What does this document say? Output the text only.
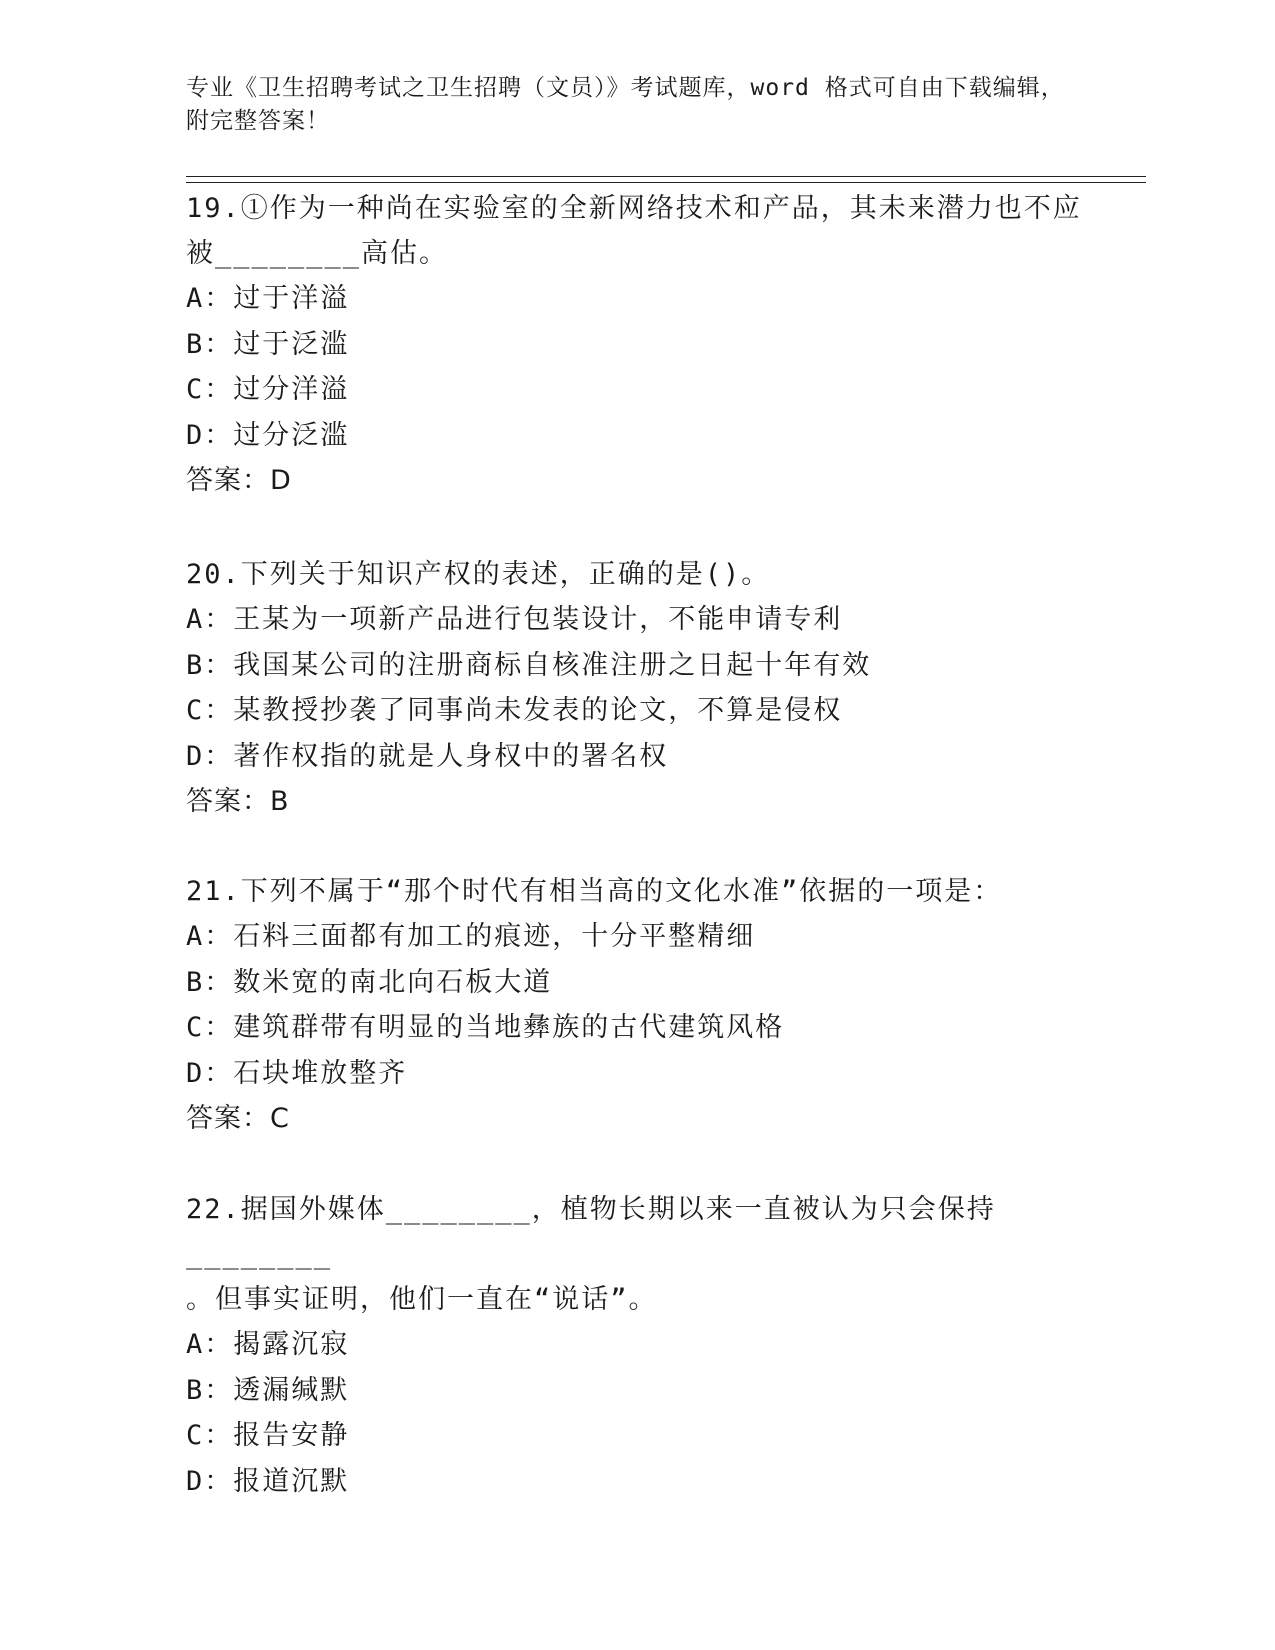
专业《卫生招聘考试之卫生招聘（文员）》考试题库，word 格式可自由下载编辑，附完整答案！

19.①作为一种尚在实验室的全新网络技术和产品，其未来潜力也不应

被________高估。

A：过于洋溢

B：过于泛滥

C：过分洋溢

D：过分泛滥

答案：D

20.下列关于知识产权的表述，正确的是()。

A：王某为一项新产品进行包装设计，不能申请专利

B：我国某公司的注册商标自核准注册之日起十年有效

C：某教授抄袭了同事尚未发表的论文，不算是侵权

D：著作权指的就是人身权中的署名权

答案：B

21.下列不属于“那个时代有相当高的文化水准”依据的一项是：

A：石料三面都有加工的痕迹，十分平整精细

B：数米宽的南北向石板大道

C：建筑群带有明显的当地彝族的古代建筑风格

D：石块堆放整齐

答案：C

22.据国外媒体________，植物长期以来一直被认为只会保持________

。但事实证明，他们一直在“说话”。

A：揭露沉寂

B：透漏缄默

C：报告安静

D：报道沉默
